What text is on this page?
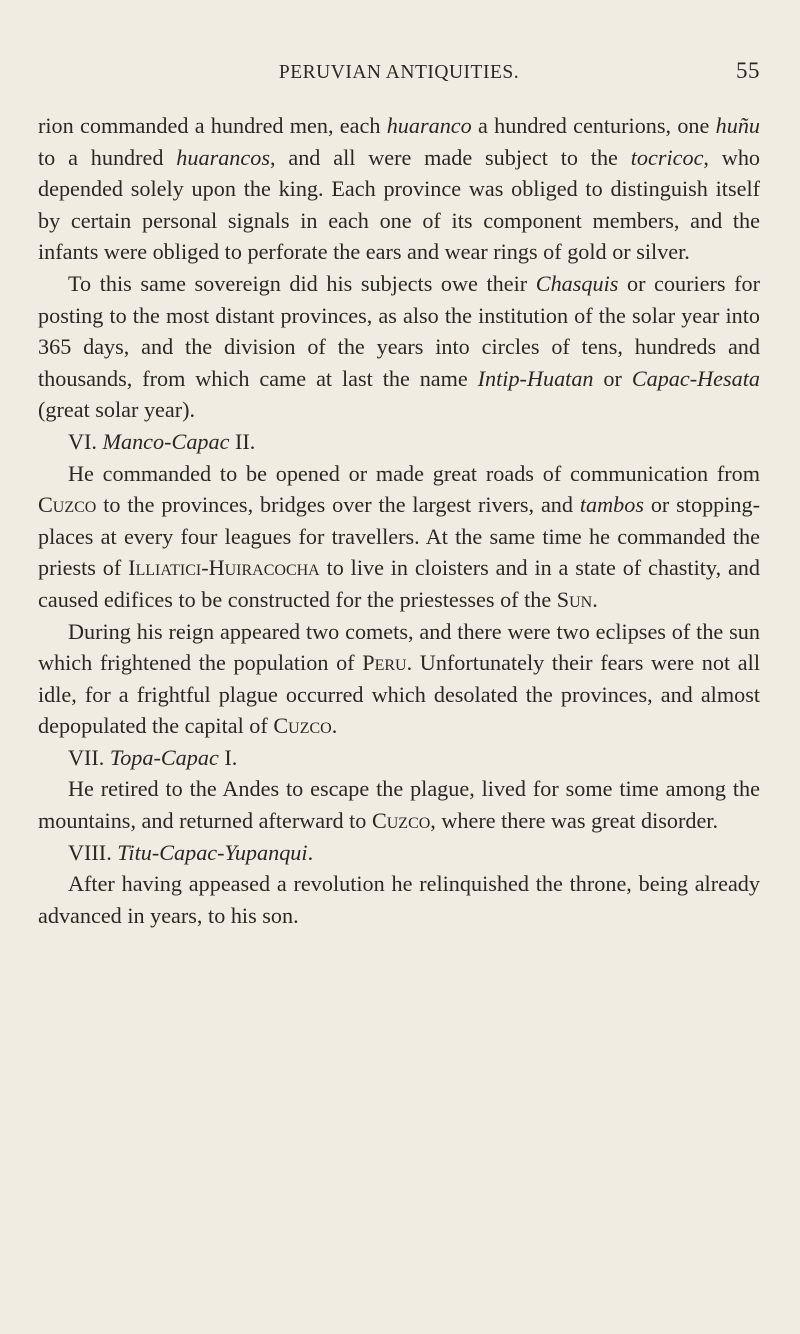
PERUVIAN ANTIQUITIES.	55

rion commanded a hundred men, each huaranco a hundred centurions, one huñu to a hundred huarancos, and all were made subject to the tocricoc, who depended solely upon the king. Each province was obliged to distinguish itself by certain personal signals in each one of its component members, and the infants were obliged to perforate the ears and wear rings of gold or silver.

To this same sovereign did his subjects owe their Chasquis or couriers for posting to the most distant provinces, as also the institution of the solar year into 365 days, and the division of the years into circles of tens, hundreds and thousands, from which came at last the name Intip-Huatan or Capac-Hesata (great solar year).

VI. Manco-Capac II.

He commanded to be opened or made great roads of communication from Cuzco to the provinces, bridges over the largest rivers, and tambos or stopping-places at every four leagues for travellers. At the same time he commanded the priests of Illiatici-Huiracocha to live in cloisters and in a state of chastity, and caused edifices to be constructed for the priestesses of the Sun.

During his reign appeared two comets, and there were two eclipses of the sun which frightened the population of Peru. Unfortunately their fears were not all idle, for a frightful plague occurred which desolated the provinces, and almost depopulated the capital of Cuzco.

VII. Topa-Capac I.

He retired to the Andes to escape the plague, lived for some time among the mountains, and returned afterward to Cuzco, where there was great disorder.

VIII. Titu-Capac-Yupanqui.

After having appeased a revolution he relinquished the throne, being already advanced in years, to his son.
